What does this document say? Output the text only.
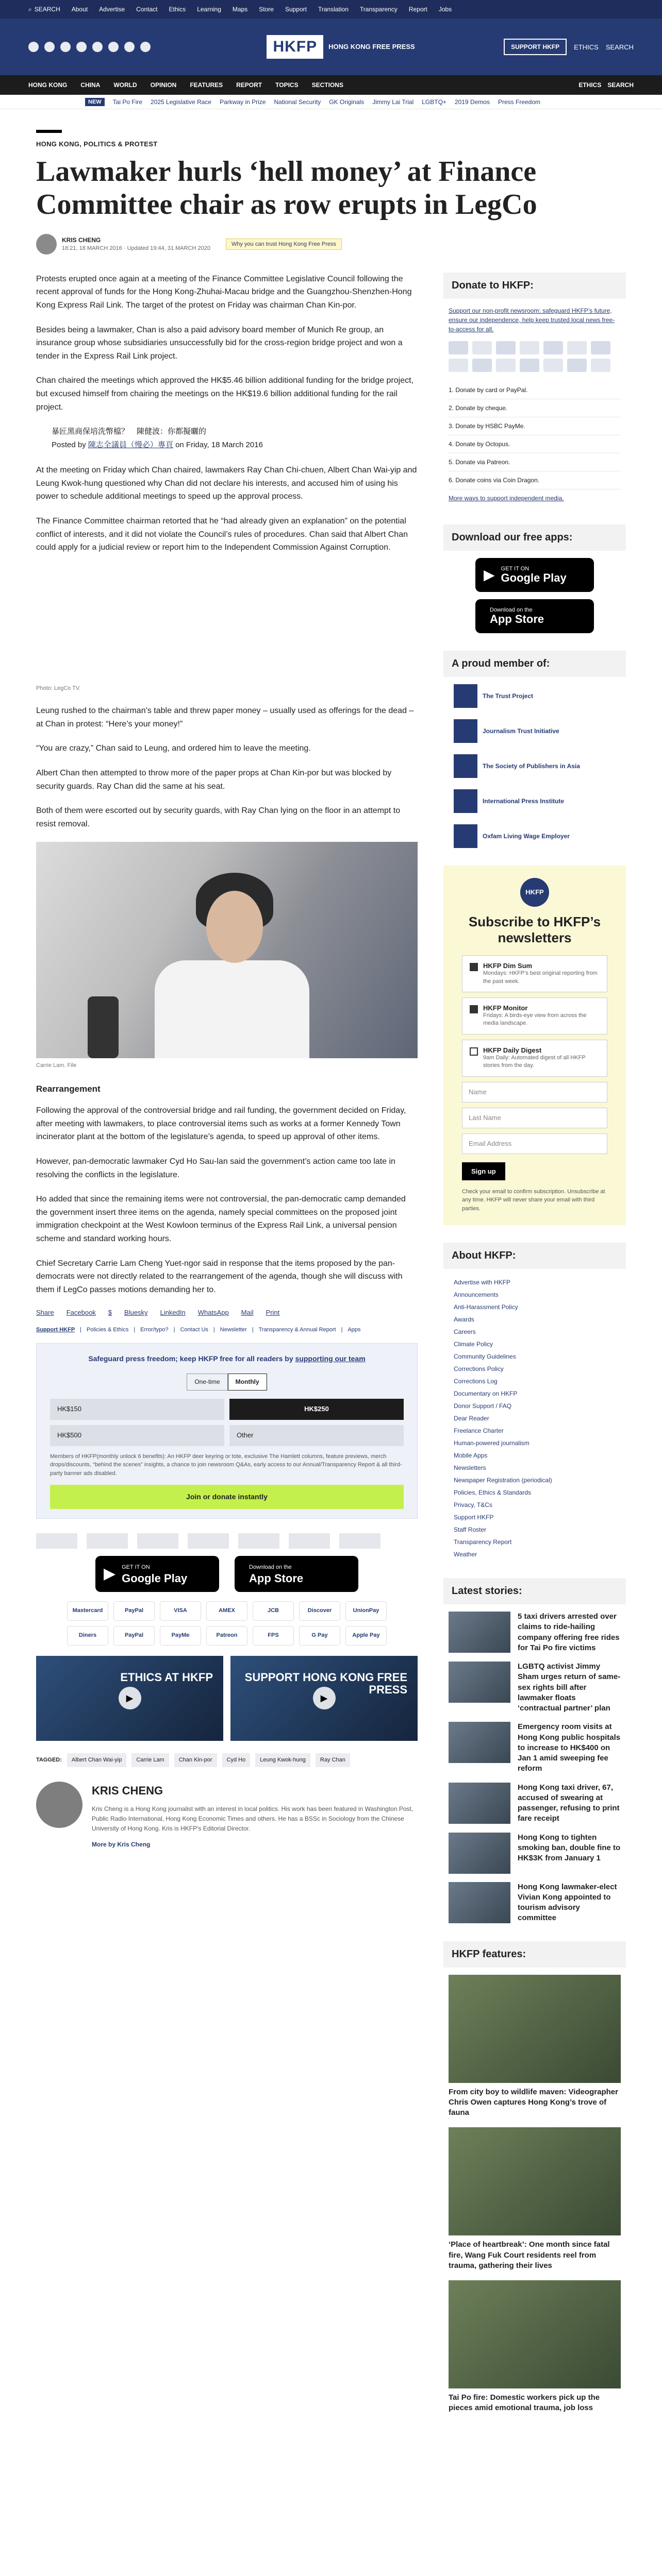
⌕ SEARCH About Advertise Contact Ethics Learning Maps Store Support Translation Transparency Report Jobs
HKFP	HONG KONG FREE PRESS	SUPPORT HKFP	ETHICS SEARCH
HONG KONG CHINA WORLD OPINION FEATURES REPORT TOPICS SECTIONS	ETHICS SEARCH
NEW	Tai Po Fire 2025 Legislative Race Parkway in Prize National Security GK Originals Jimmy Lai Trial LGBTQ+ 2019 Demos Press Freedom
HONG KONG, POLITICS & PROTEST
Lawmaker hurls ‘hell money’ at Finance Committee chair as row erupts in LegCo
KRIS CHENG
18:21, 18 MARCH 2016 · Updated 19:44, 31 MARCH 2020
Why you can trust Hong Kong Free Press

Protests erupted once again at a meeting of the Finance Committee Legislative Council following the recent approval of funds for the Hong Kong-Zhuhai-Macau bridge and the Guangzhou-Shenzhen-Hong Kong Express Rail Link. The target of the protest on Friday was chairman Chan Kin-por.

Besides being a lawmaker, Chan is also a paid advisory board member of Munich Re group, an insurance group whose subsidiaries unsuccessfully bid for the cross-region bridge project and won a tender in the Express Rail Link project.

Chan chaired the meetings which approved the HK$5.46 billion additional funding for the bridge project, but excused himself from chairing the meetings on the HK$19.6 billion additional funding for the rail project.

暴匠黑商保培洗幣檔？　陳健波：你都擬曬的
Posted by 陳志全議員（慢必）專頁 on Friday, 18 March 2016

At the meeting on Friday which Chan chaired, lawmakers Ray Chan Chi-chuen, Albert Chan Wai-yip and Leung Kwok-hung questioned why Chan did not declare his interests, and accused him of using his power to schedule additional meetings to speed up the approval process.

The Finance Committee chairman retorted that he “had already given an explanation” on the potential conflict of interests, and it did not violate the Council’s rules of procedures. Chan said that Albert Chan could apply for a judicial review or report him to the Independent Commission Against Corruption.

Photo: LegCo TV.

Leung rushed to the chairman’s table and threw paper money – usually used as offerings for the dead – at Chan in protest: “Here’s your money!”

“You are crazy,” Chan said to Leung, and ordered him to leave the meeting.

Albert Chan then attempted to throw more of the paper props at Chan Kin-por but was blocked by security guards. Ray Chan did the same at his seat.

Both of them were escorted out by security guards, with Ray Chan lying on the floor in an attempt to resist removal.

Carrie Lam. File
Rearrangement

Following the approval of the controversial bridge and rail funding, the government decided on Friday, after meeting with lawmakers, to place controversial items such as works at a former Kennedy Town incinerator plant at the bottom of the legislature’s agenda, to speed up approval of other items.

However, pan-democratic lawmaker Cyd Ho Sau-lan said the government’s action came too late in resolving the conflicts in the legislature.

Ho added that since the remaining items were not controversial, the pan-democratic camp demanded the government insert three items on the agenda, namely special committees on the proposed joint immigration checkpoint at the West Kowloon terminus of the Express Rail Link, a universal pension scheme and standard working hours.

Chief Secretary Carrie Lam Cheng Yuet-ngor said in response that the items proposed by the pan-democrats were not directly related to the rearrangement of the agenda, though she will discuss with them if LegCo passes motions demanding her to.

Share Facebook $ Bluesky LinkedIn WhatsApp Mail Print
Support HKFP | Policies & Ethics | Error/typo? | Contact Us | Newsletter | Transparency & Annual Report | Apps
Safeguard press freedom; keep HKFP free for all readers by supporting our team
One-time	Monthly
HK$150	HK$250
HK$500	Other
Members of HKFP(monthly unlock 6 benefits): An HKFP deer keyring or tote, exclusive The Hamlett columns, feature previews, merch drops/discounts, “behind the scenes” insights, a chance to join newsroom Q&As, early access to our Annual/Transparency Report & all third-party banner ads disabled.
Join or donate instantly
▶ GET IT ON
Google Play
Download on the
App Store
Mastercard	PayPal	VISA	AMEX	JCB	Discover	UnionPay
Diners	PayPal	PayMe	Patreon	FPS	G Pay	Apple Pay
ETHICS AT HKFP
▶
SUPPORT HONG KONG FREE PRESS
▶
TAGGED:	Albert Chan Wai-yip	Carrie Lam	Chan Kin-por	Cyd Ho	Leung Kwok-hung	Ray Chan
KRIS CHENG
Kris Cheng is a Hong Kong journalist with an interest in local politics. His work has been featured in Washington Post, Public Radio International, Hong Kong Economic Times and others. He has a BSSc in Sociology from the Chinese University of Hong Kong. Kris is HKFP’s Editorial Director.
More by Kris Cheng
Donate to HKFP:
Support our non-profit newsroom: safeguard HKFP’s future, ensure our independence, help keep trusted local news free-to-access for all.
1. Donate by card or PayPal.
2. Donate by cheque.
3. Donate by HSBC PayMe.
4. Donate by Octopus.
5. Donate via Patreon.
6. Donate coins via Coin Dragon.
More ways to support independent media.
Download our free apps:
▶ GET IT ON
Google Play
Download on the
App Store
A proud member of:
The Trust Project
Journalism Trust Initiative
The Society of Publishers in Asia
International Press Institute
Oxfam Living Wage Employer
HKFP
Subscribe to HKFP’s newsletters
HKFP Dim Sum
Mondays: HKFP’s best original reporting from the past week.
HKFP Monitor
Fridays: A birds-eye view from across the media landscape.
HKFP Daily Digest
9am Daily: Automated digest of all HKFP stories from the day.
Name
Last Name
Email Address
Sign up
Check your email to confirm subscription. Unsubscribe at any time. HKFP will never share your email with third parties.
About HKFP:
Advertise with HKFP
Announcements
Anti-Harassment Policy
Awards
Careers
Climate Policy
Community Guidelines
Corrections Policy
Corrections Log
Documentary on HKFP
Donor Support / FAQ
Dear Reader
Freelance Charter
Human-powered journalism
Mobile Apps
Newsletters
Newspaper Registration (periodical)
Policies, Ethics & Standards
Privacy, T&Cs
Support HKFP
Staff Roster
Transparency Report
Weather
Latest stories:
5 taxi drivers arrested over claims to ride-hailing company offering free rides for Tai Po fire victims
LGBTQ activist Jimmy Sham urges return of same-sex rights bill after lawmaker floats ‘contractual partner’ plan
Emergency room visits at Hong Kong public hospitals to increase to HK$400 on Jan 1 amid sweeping fee reform
Hong Kong taxi driver, 67, accused of swearing at passenger, refusing to print fare receipt
Hong Kong to tighten smoking ban, double fine to HK$3K from January 1
Hong Kong lawmaker-elect Vivian Kong appointed to tourism advisory committee
HKFP features:
From city boy to wildlife maven: Videographer Chris Owen captures Hong Kong’s trove of fauna
‘Place of heartbreak’: One month since fatal fire, Wang Fuk Court residents reel from trauma, gathering their lives
Tai Po fire: Domestic workers pick up the pieces amid emotional trauma, job loss
